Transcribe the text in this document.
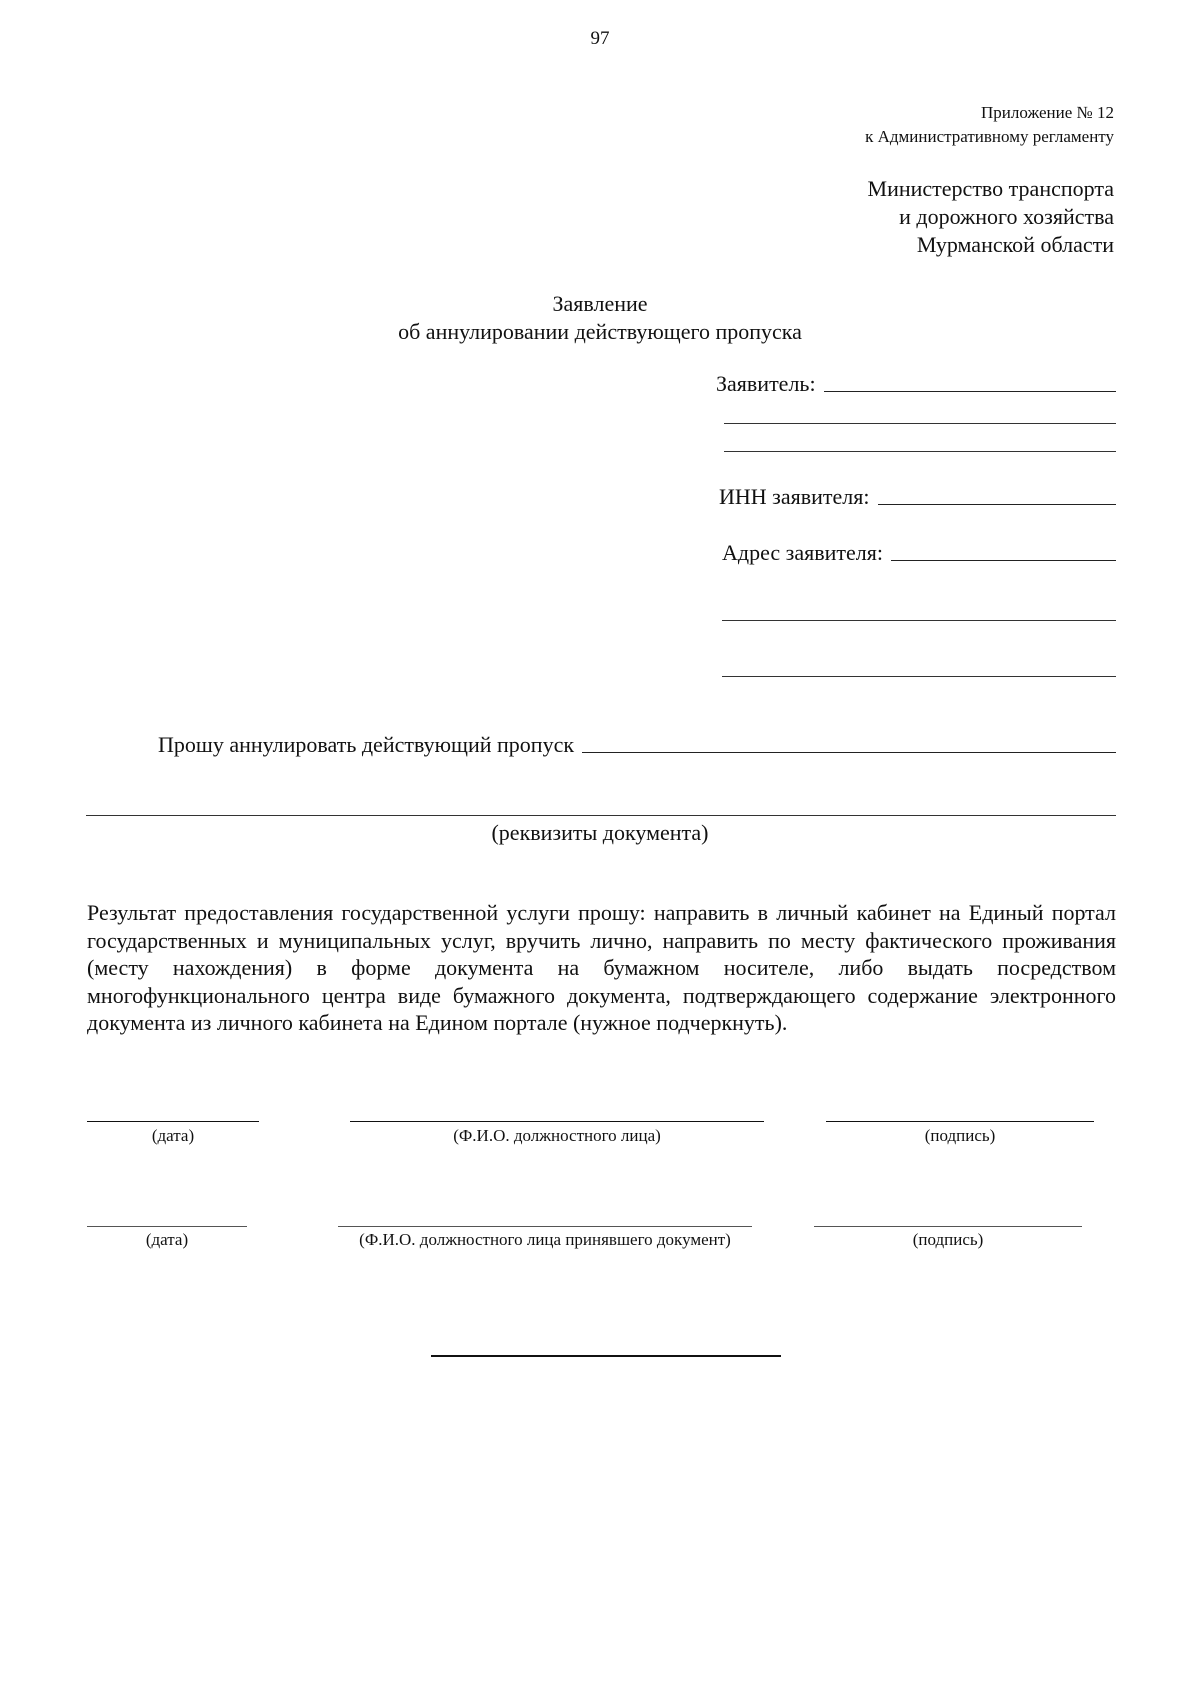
97
Приложение № 12
к Административному регламенту
Министерство транспорта
и дорожного хозяйства
Мурманской области
Заявление
об аннулировании действующего пропуска
Заявитель:
ИНН заявителя:
Адрес заявителя:
Прошу аннулировать действующий пропуск
(реквизиты документа)
Результат предоставления государственной услуги прошу: направить в личный кабинет на Единый портал государственных и муниципальных услуг, вручить лично, направить по месту фактического проживания (месту нахождения) в форме документа на бумажном носителе, либо выдать посредством многофункционального центра виде бумажного документа, подтверждающего содержание электронного документа из личного кабинета на Едином портале (нужное подчеркнуть).
(дата)	(Ф.И.О. должностного лица)	(подпись)
(дата)	(Ф.И.О. должностного лица принявшего документ)	(подпись)
